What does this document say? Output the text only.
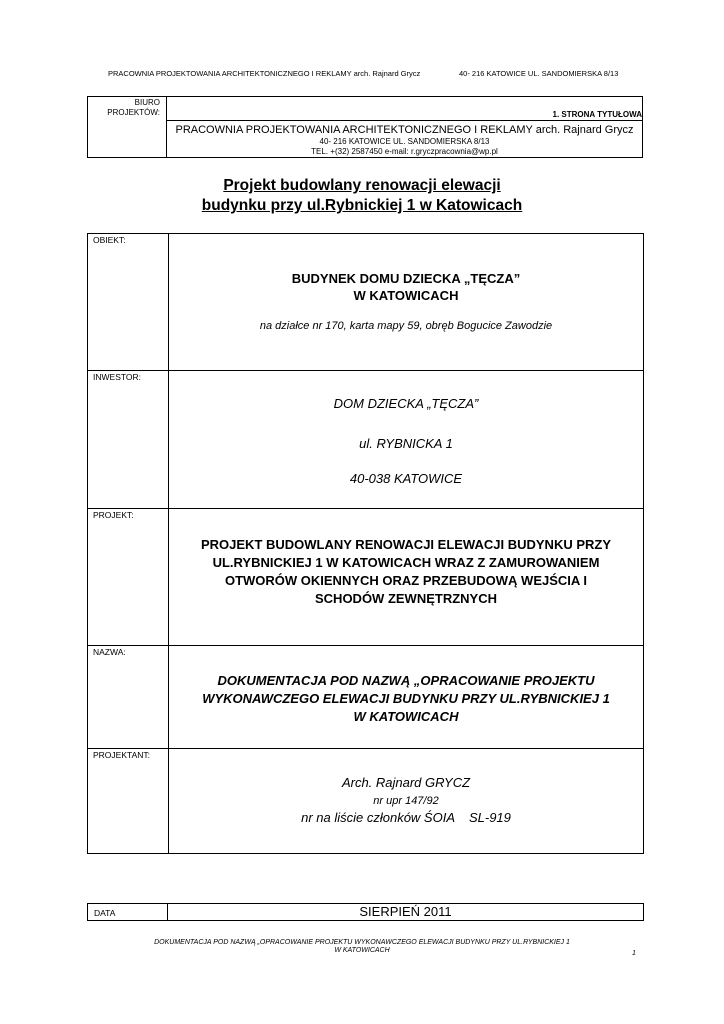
PRACOWNIA PROJEKTOWANIA ARCHITEKTONICZNEGO I REKLAMY arch. Rajnard Grycz	40- 216 KATOWICE UL. SANDOMIERSKA 8/13
BIURO
PROJEKTÓW:	1. STRONA TYTUŁOWA
PRACOWNIA PROJEKTOWANIA ARCHITEKTONICZNEGO I REKLAMY arch. Rajnard Grycz
40- 216 KATOWICE UL. SANDOMIERSKA 8/13
TEL. +(32) 2587450 e-mail: r.gryczpracownia@wp.pl
Projekt budowlany renowacji elewacji
budynku przy ul.Rybnickiej 1 w Katowicach
OBIEKT:
BUDYNEK DOMU DZIECKA „TĘCZA”
W KATOWICACH
na działce nr 170, karta mapy 59, obręb Bogucice Zawodzie
INWESTOR:
DOM DZIECKA „TĘCZA”
ul. RYBNICKA 1
40-038 KATOWICE
PROJEKT:
PROJEKT BUDOWLANY RENOWACJI ELEWACJI BUDYNKU PRZY
UL.RYBNICKIEJ 1 W KATOWICACH WRAZ Z ZAMUROWANIEM
OTWORÓW OKIENNYCH ORAZ PRZEBUDOWĄ WEJŚCIA I
SCHODÓW ZEWNĘTRZNYCH
NAZWA:
DOKUMENTACJA POD NAZWĄ „OPRACOWANIE PROJEKTU
WYKONAWCZEGO ELEWACJI BUDYNKU PRZY UL.RYBNICKIEJ 1
W KATOWICACH
PROJEKTANT:
Arch. Rajnard GRYCZ
nr upr 147/92
nr na liście członków ŚOIA    SL-919
DATA	SIERPIEŃ 2011
DOKUMENTACJA POD NAZWĄ „OPRACOWANIE PROJEKTU WYKONAWCZEGO ELEWACJI BUDYNKU PRZY UL.RYBNICKIEJ 1
W KATOWICACH	1
